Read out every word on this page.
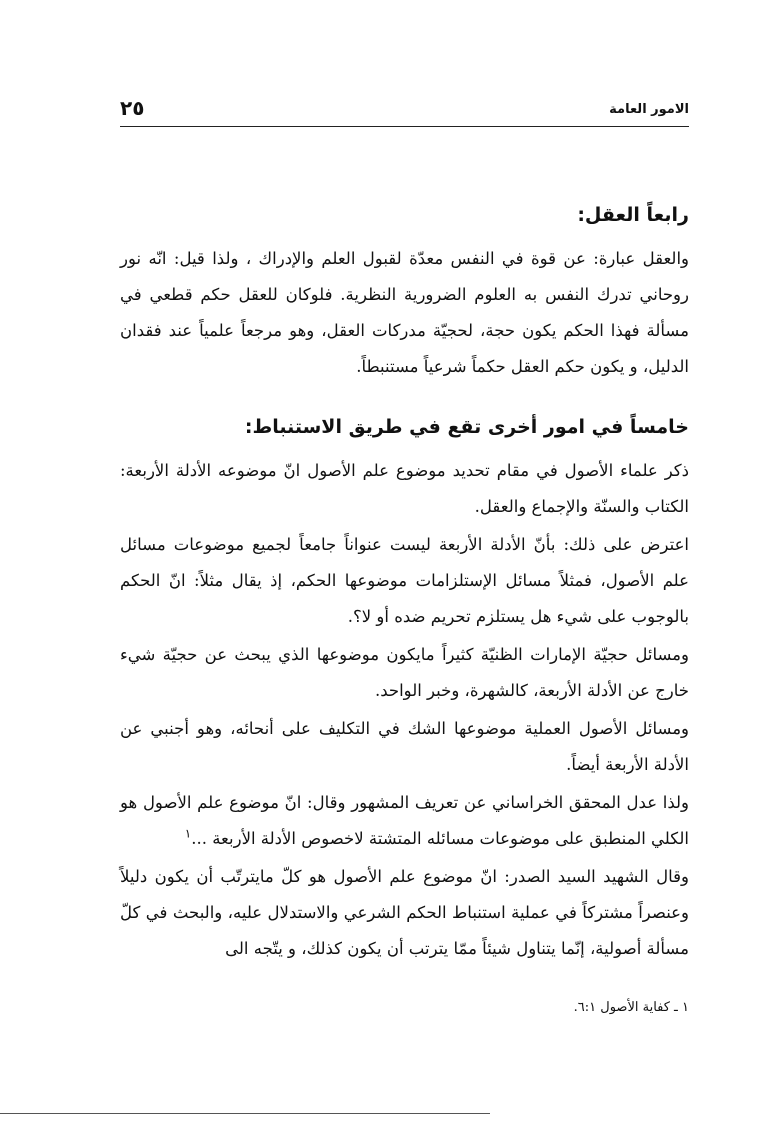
الامور العامة
٢٥
رابعاً العقل:

والعقل عبارة: عن قوة في النفس معدّة لقبول العلم والإدراك ، ولذا قيل: انّه نور روحاني تدرك النفس به العلوم الضرورية النظرية. فلوكان للعقل حكم قطعي في مسألة فهذا الحكم يكون حجة، لحجيّة مدركات العقل، وهو مرجعاً علمياً عند فقدان الدليل، و يكون حكم العقل حكماً شرعياً مستنبطاً.

خامساً في امور أخرى تقع في طريق الاستنباط:

ذكر علماء الأصول في مقام تحديد موضوع علم الأصول انّ موضوعه الأدلة الأربعة: الكتاب والسنّة والإجماع والعقل.

اعترض على ذلك: بأنّ الأدلة الأربعة ليست عنواناً جامعاً لجميع موضوعات مسائل علم الأصول، فمثلاً مسائل الإستلزامات موضوعها الحكم، إذ يقال مثلاً: انّ الحكم بالوجوب على شيء هل يستلزم تحريم ضده أو لا؟.

ومسائل حجيّة الإمارات الظنيّة كثيراً مايكون موضوعها الذي يبحث عن حجيّة شيء خارج عن الأدلة الأربعة، كالشهرة، وخبر الواحد.

ومسائل الأصول العملية موضوعها الشك في التكليف على أنحائه، وهو أجنبي عن الأدلة الأربعة أيضاً.

ولذا عدل المحقق الخراساني عن تعريف المشهور وقال: انّ موضوع علم الأصول هو الكلي المنطبق على موضوعات مسائله المتشتة لاخصوص الأدلة الأربعة ...$^١$

وقال الشهيد السيد الصدر: انّ موضوع علم الأصول هو كلّ مايترتّب أن يكون دليلاً وعنصراً مشتركاً في عملية استنباط الحكم الشرعي والاستدلال عليه، والبحث في كلّ مسألة أصولية، إنّما يتناول شيئاً ممّا يترتب أن يكون كذلك، و يتّجه الى

١ ـ كفاية الأصول ٦:١.
